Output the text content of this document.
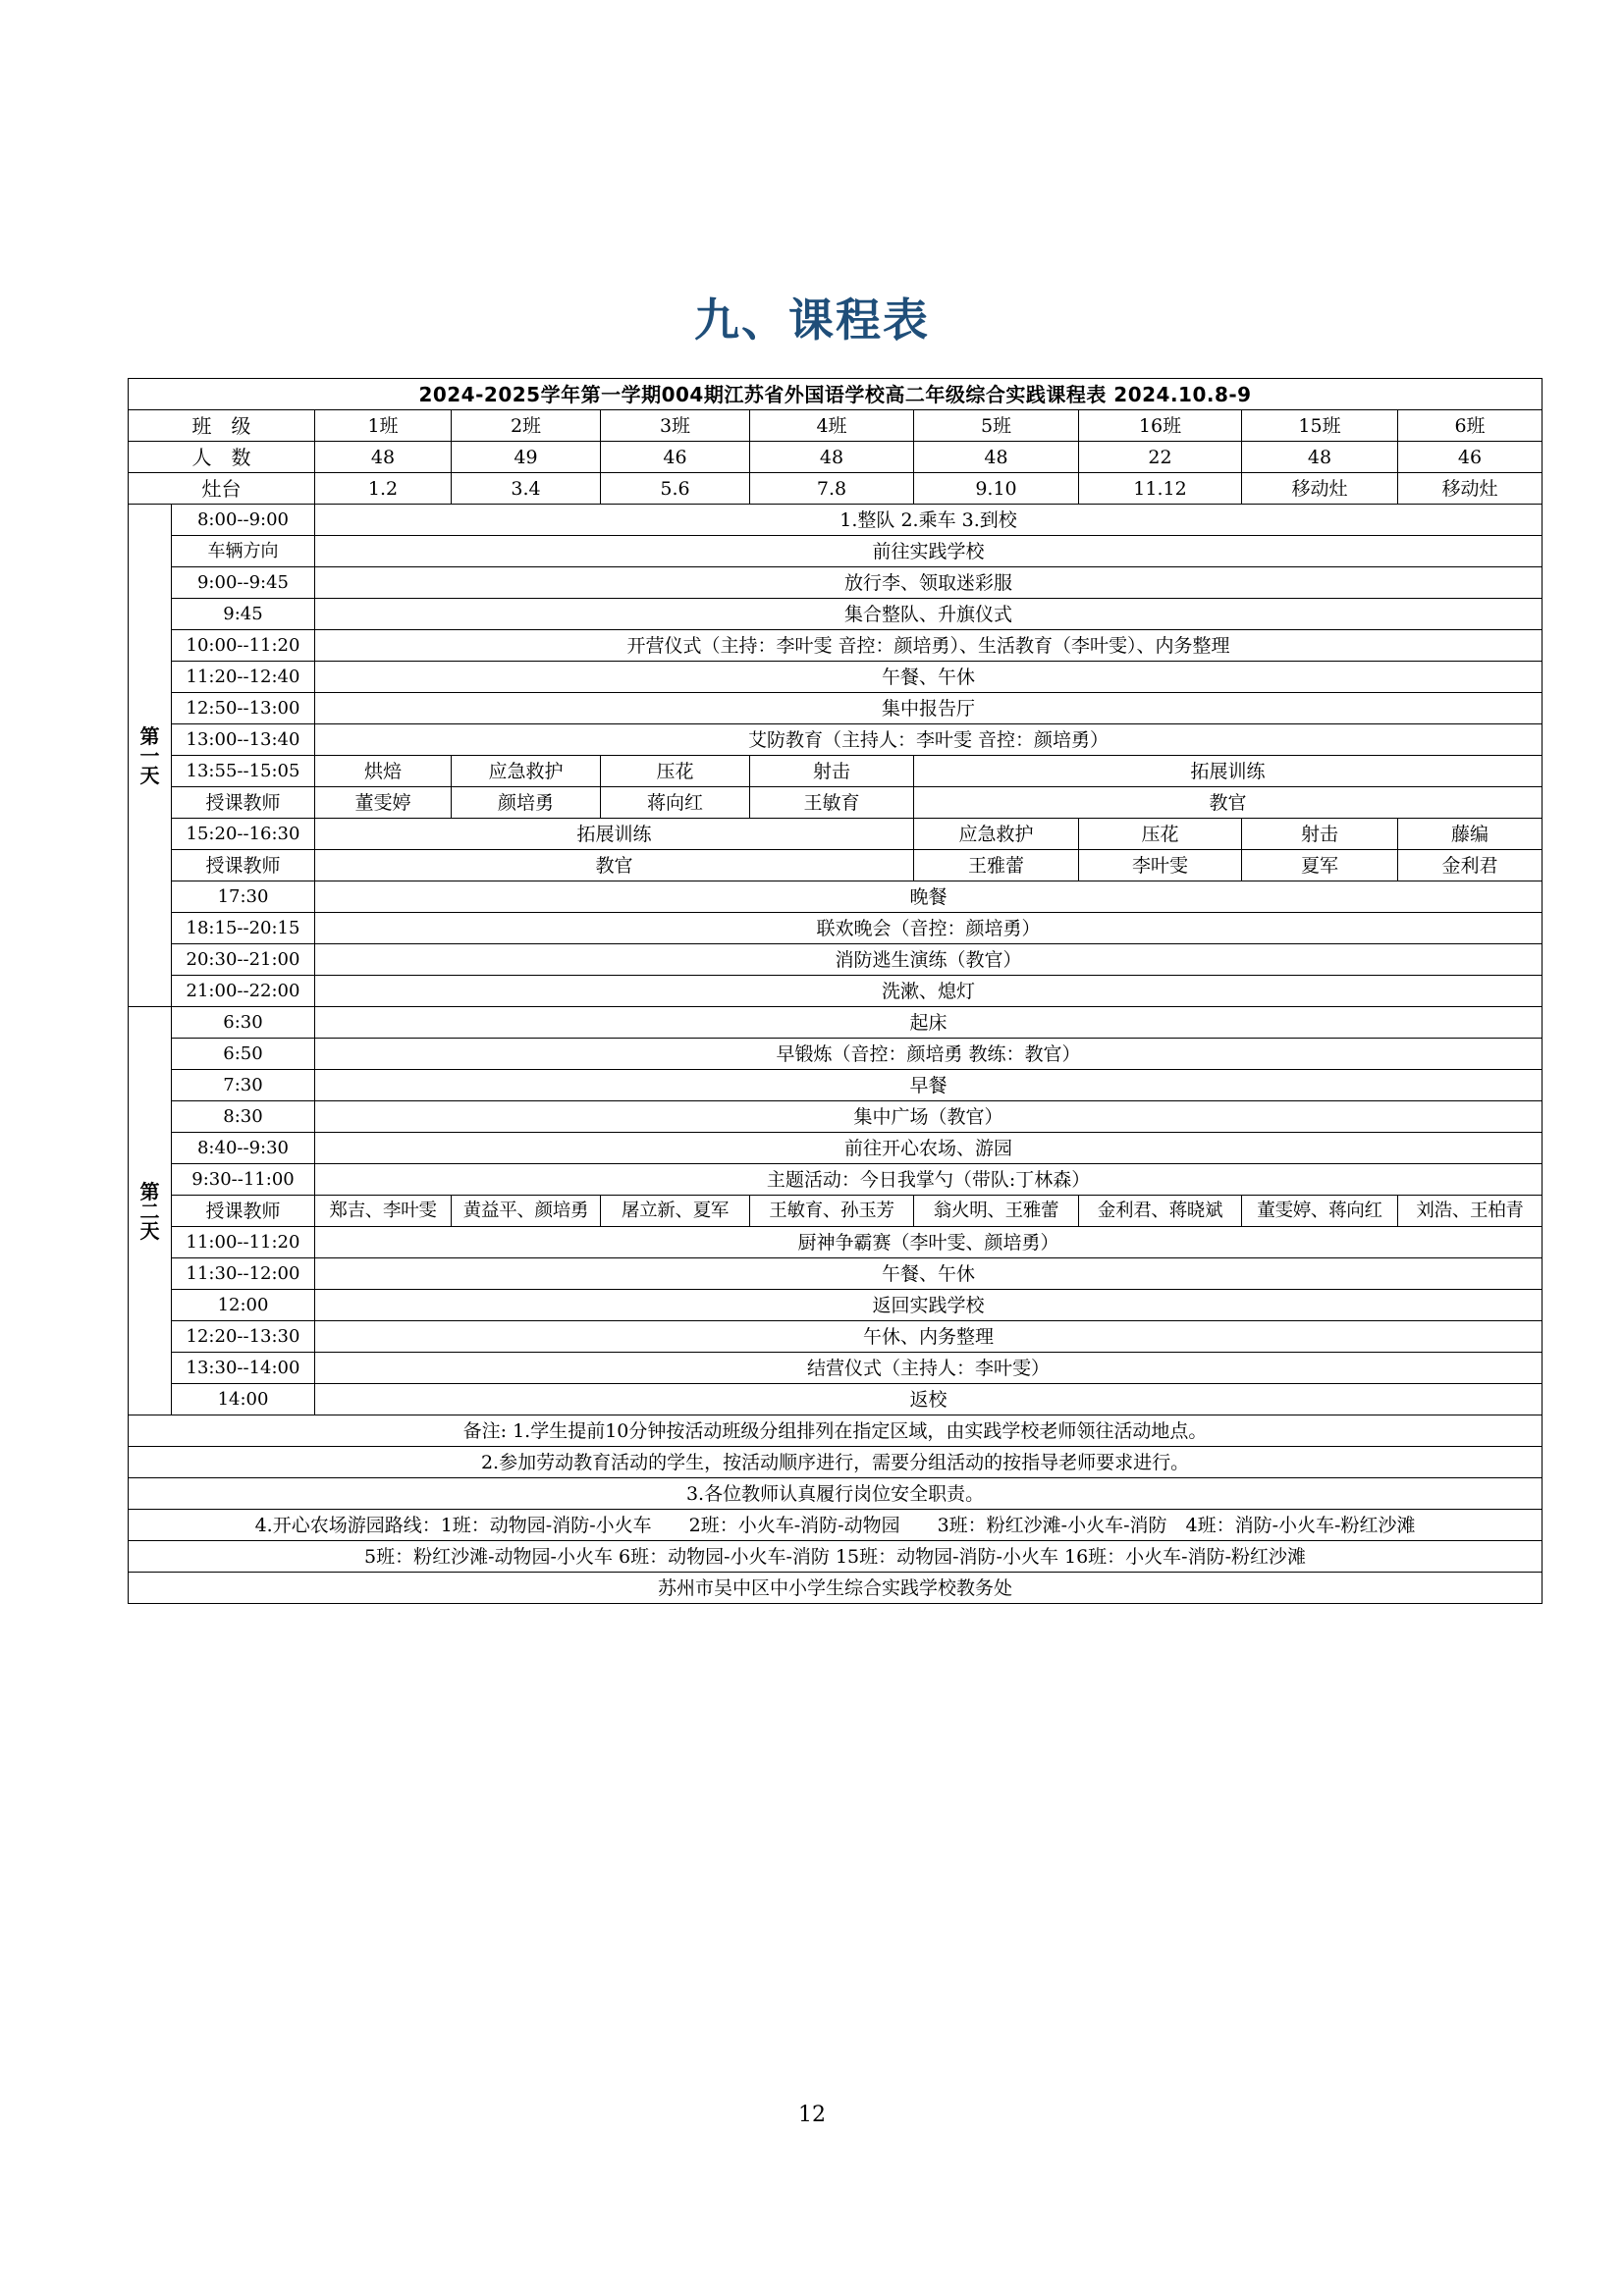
九、课程表
2024-2025学年第一学期004期江苏省外国语学校高二年级综合实践课程表 2024.10.8-9									
班　级		1班	2班	3班	4班	5班	16班	15班	6班
人　数		48	49	46	48	48	22	48	46
灶台		1.2	3.4	5.6	7.8	9.10	11.12	移动灶	移动灶

第
一
天	8:00--9:00	1.整队 2.乘车 3.到校							
	车辆方向	前往实践学校							
	9:00--9:45	放行李、领取迷彩服							
	9:45	集合整队、升旗仪式							
	10:00--11:20	开营仪式（主持：李叶雯 音控：颜培勇）、生活教育（李叶雯）、内务整理							
	11:20--12:40	午餐、午休							
	12:50--13:00	集中报告厅							
	13:00--13:40	艾防教育（主持人：李叶雯 音控：颜培勇）							
	13:55--15:05	烘焙	应急救护	压花	射击	拓展训练			
	授课教师	董雯婷	颜培勇	蒋向红	王敏育	教官			
	15:20--16:30	拓展训练				应急救护	压花	射击	藤编
	授课教师	教官				王雅蕾	李叶雯	夏军	金利君
	17:30	晚餐							
	18:15--20:15	联欢晚会（音控：颜培勇）							
	20:30--21:00	消防逃生演练（教官）							
	21:00--22:00	洗漱、熄灯							

第
二
天	6:30	起床							
	6:50	早锻炼（音控：颜培勇 教练：教官）							
	7:30	早餐							
	8:30	集中广场（教官）							
	8:40--9:30	前往开心农场、游园							
	9:30--11:00	主题活动：今日我掌勺（带队:丁林森）							
	授课教师	郑吉、李叶雯	黄益平、颜培勇	屠立新、夏军	王敏育、孙玉芳	翁火明、王雅蕾	金利君、蒋晓斌	董雯婷、蒋向红	刘浩、王柏青
	11:00--11:20	厨神争霸赛（李叶雯、颜培勇）							
	11:30--12:00	午餐、午休							
	12:00	返回实践学校							
	12:20--13:30	午休、内务整理							
	13:30--14:00	结营仪式（主持人：李叶雯）							
	14:00	返校							
备注: 1.学生提前10分钟按活动班级分组排列在指定区域，由实践学校老师领往活动地点。									
2.参加劳动教育活动的学生，按活动顺序进行，需要分组活动的按指导老师要求进行。									
3.各位教师认真履行岗位安全职责。									
4.开心农场游园路线：1班：动物园-消防-小火车　　2班：小火车-消防-动物园　　3班：粉红沙滩-小火车-消防　4班：消防-小火车-粉红沙滩									
5班：粉红沙滩-动物园-小火车 6班：动物园-小火车-消防 15班：动物园-消防-小火车 16班：小火车-消防-粉红沙滩									
苏州市吴中区中小学生综合实践学校教务处									
12
